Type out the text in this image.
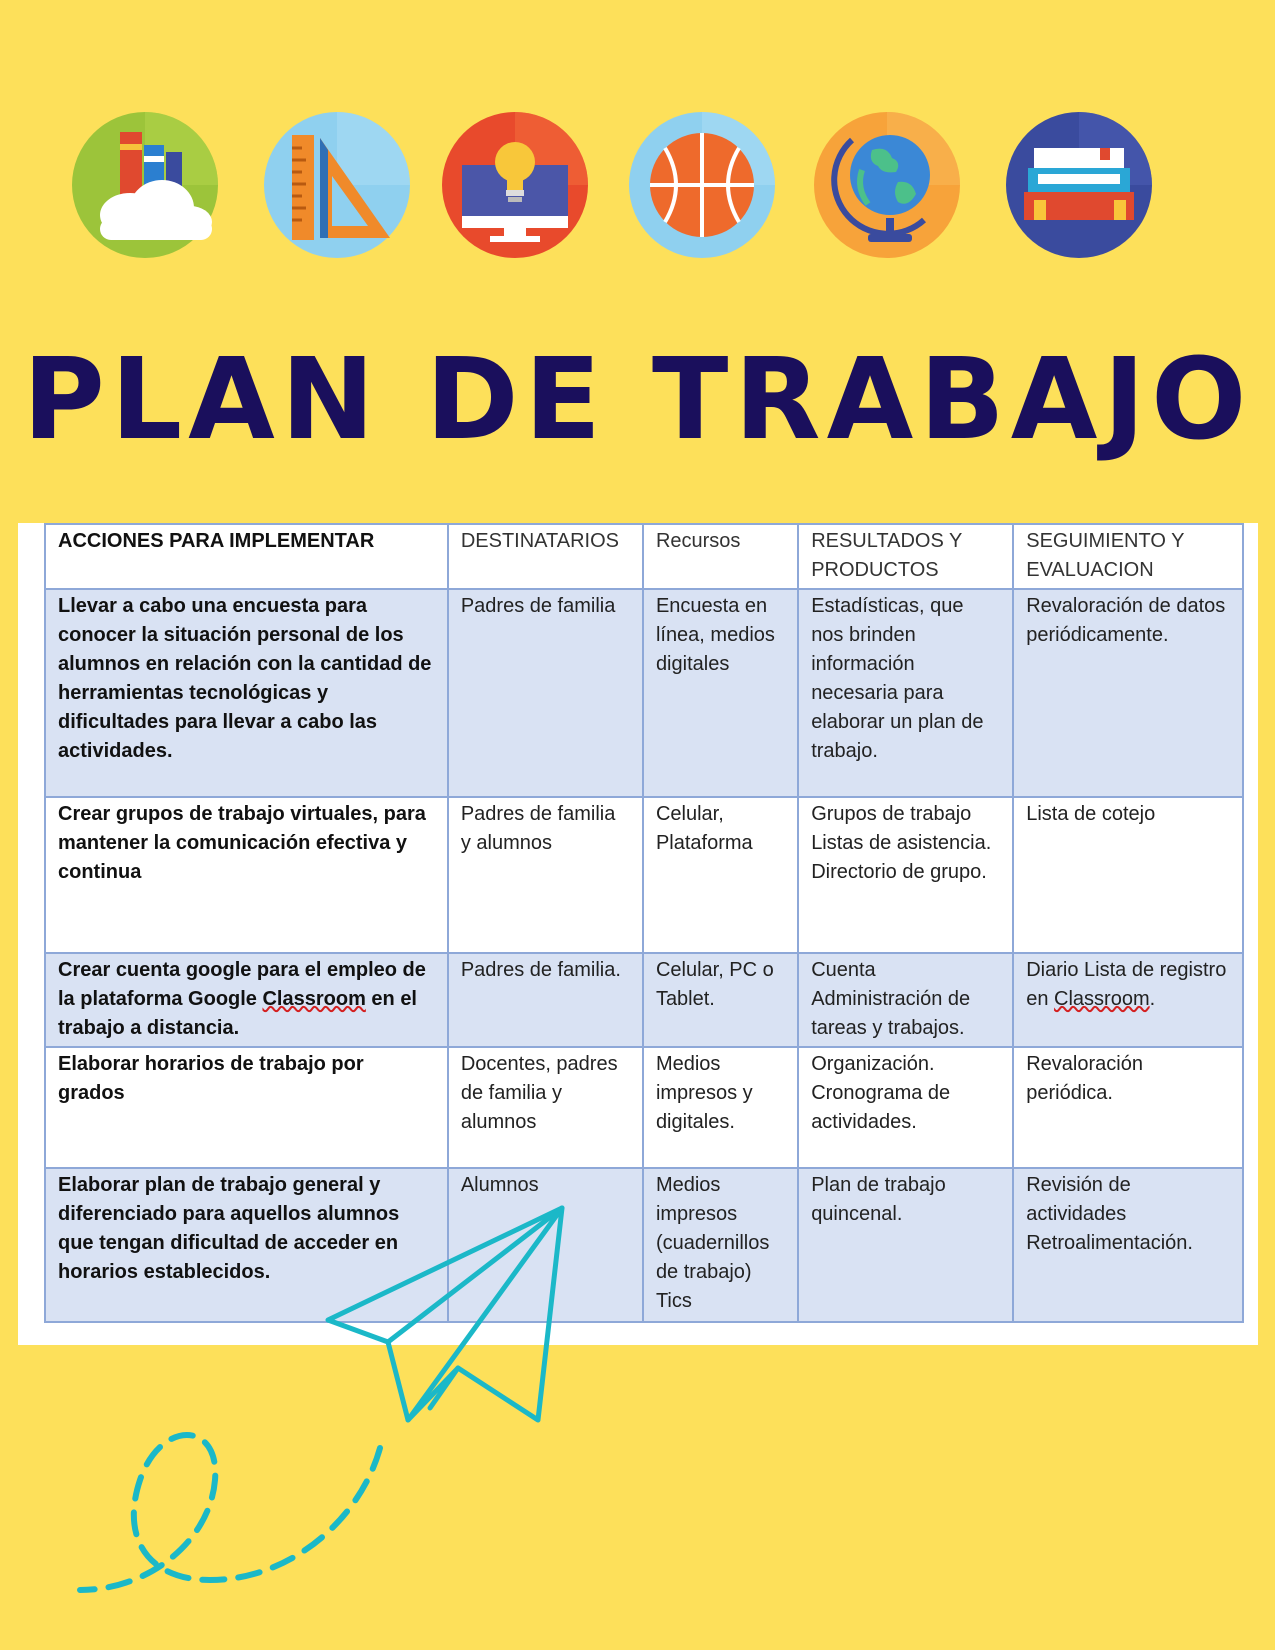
PLAN DE TRABAJO
ACCIONES PARA IMPLEMENTAR	DESTINATARIOS	Recursos	RESULTADOS Y PRODUCTOS	SEGUIMIENTO Y EVALUACION
Llevar a cabo una encuesta para conocer la situación personal de los alumnos en relación con la cantidad de herramientas tecnológicas y dificultades para llevar a cabo las actividades.	Padres de familia	Encuesta en línea, medios digitales	Estadísticas, que nos brinden información necesaria para elaborar un plan de trabajo.	Revaloración de datos periódicamente.
Crear grupos de trabajo virtuales, para mantener la comunicación efectiva y continua	Padres de familia y alumnos	Celular, Plataforma	Grupos de trabajo Listas de asistencia. Directorio de grupo.	Lista de cotejo
Crear cuenta google para el empleo de la plataforma Google Classroom en el trabajo a distancia.	Padres de familia.	Celular, PC o Tablet.	Cuenta Administración de tareas y trabajos.	Diario Lista de registro en Classroom.
Elaborar horarios de trabajo por grados	Docentes, padres de familia y alumnos	Medios impresos y digitales.	Organización. Cronograma de actividades.	Revaloración periódica.
Elaborar plan de trabajo general y diferenciado para aquellos alumnos que tengan dificultad de acceder en horarios establecidos.	Alumnos	Medios impresos (cuadernillos de trabajo) Tics	Plan de trabajo quincenal.	Revisión de actividades Retroalimentación.
